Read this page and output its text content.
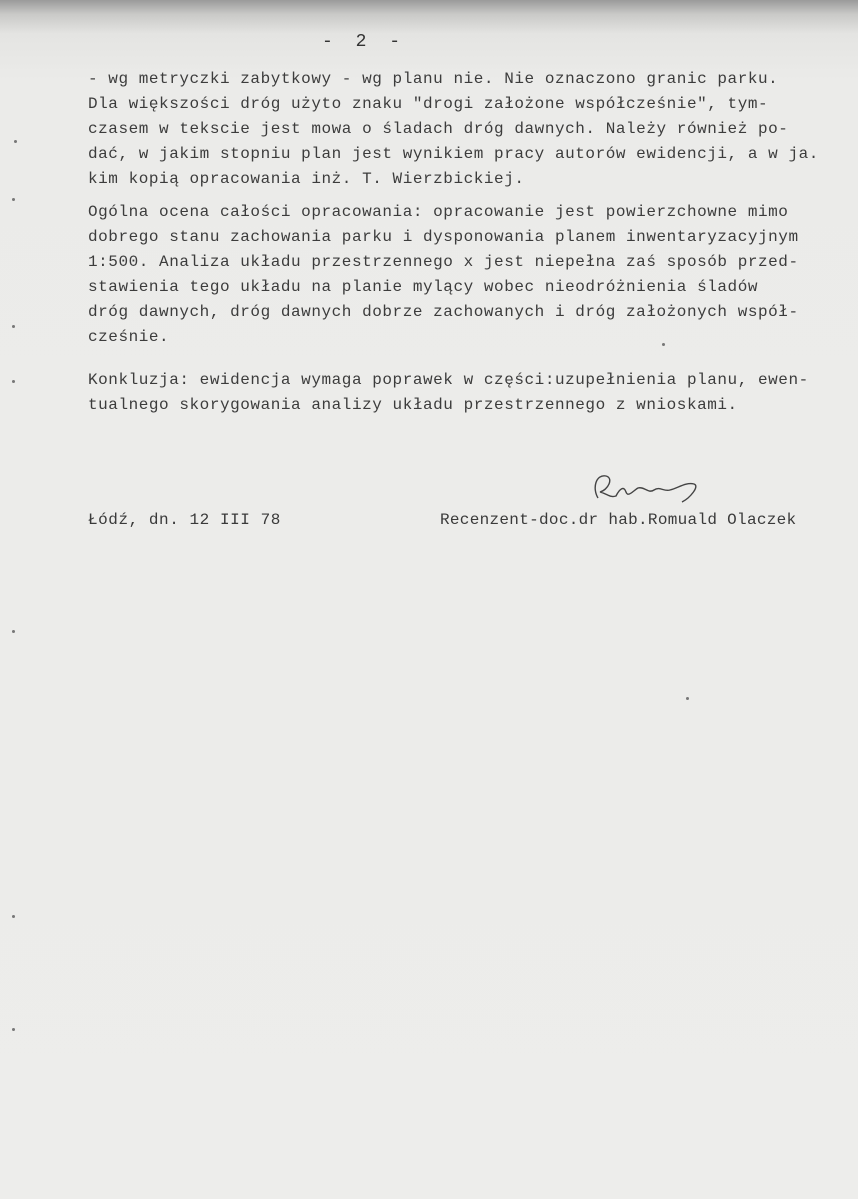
- 2 -
- wg metryczki zabytkowy - wg planu nie. Nie oznaczono granic parku.
Dla większości dróg użyto znaku "drogi założone współcześnie", tym-
czasem w tekscie jest mowa o śladach dróg dawnych. Należy również po-
dać, w jakim stopniu plan jest wynikiem pracy autorów ewidencji, a w ja.
kim kopią opracowania inż. T. Wierzbickiej.
Ogólna ocena całości opracowania: opracowanie jest powierzchowne mimo
dobrego stanu zachowania parku i dysponowania planem inwentaryzacyjnym
1:500. Analiza układu przestrzennego x jest niepełna zaś sposób przed-
stawienia tego układu na planie mylący wobec nieodróżnienia śladów
dróg dawnych, dróg dawnych dobrze zachowanych i dróg założonych współ-
cześnie.
Konkluzja: ewidencja wymaga poprawek w części:uzupełnienia planu, ewen-
tualnego skorygowania analizy układu przestrzennego z wnioskami.
Łódź, dn. 12 III 78	Recenzent-doc.dr hab.Romuald Olaczek
